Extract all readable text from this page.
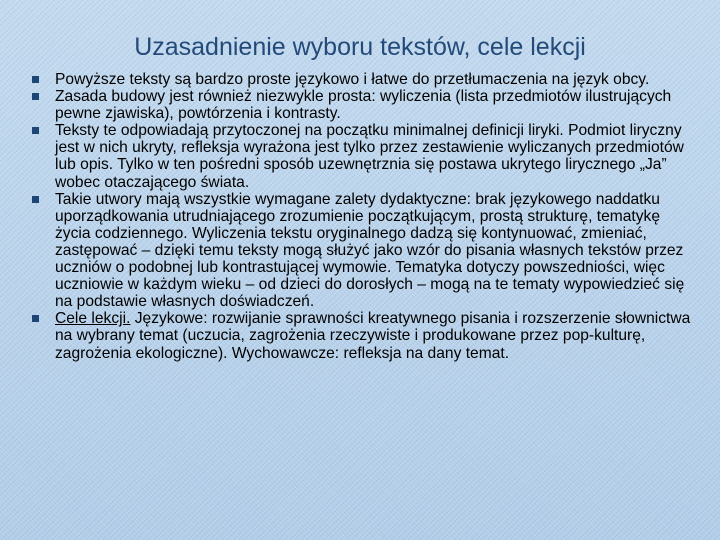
Uzasadnienie wyboru tekstów, cele lekcji
Powyższe teksty są bardzo proste językowo i łatwe do przetłumaczenia na język obcy.
Zasada budowy jest również niezwykle prosta: wyliczenia (lista przedmiotów ilustrujących pewne zjawiska), powtórzenia i kontrasty.
Teksty te odpowiadają przytoczonej na początku minimalnej definicji liryki. Podmiot liryczny jest w nich ukryty, refleksja wyrażona jest tylko przez zestawienie wyliczanych przedmiotów lub opis. Tylko w ten pośredni sposób uzewnętrznia się postawa ukrytego lirycznego „Ja” wobec otaczającego świata.
Takie utwory mają wszystkie wymagane zalety dydaktyczne: brak językowego naddatku uporządkowania utrudniającego zrozumienie początkującym, prostą strukturę, tematykę życia codziennego. Wyliczenia tekstu oryginalnego dadzą się kontynuować, zmieniać, zastępować – dzięki temu teksty mogą służyć jako wzór do pisania własnych tekstów przez uczniów o podobnej lub kontrastującej wymowie. Tematyka dotyczy powszedniości, więc uczniowie w każdym wieku – od dzieci do dorosłych – mogą na te tematy wypowiedzieć się na podstawie własnych doświadczeń.
Cele lekcji. Językowe: rozwijanie sprawności kreatywnego pisania i rozszerzenie słownictwa na wybrany temat (uczucia, zagrożenia rzeczywiste i produkowane przez pop-kulturę, zagrożenia ekologiczne). Wychowawcze: refleksja na dany temat.
